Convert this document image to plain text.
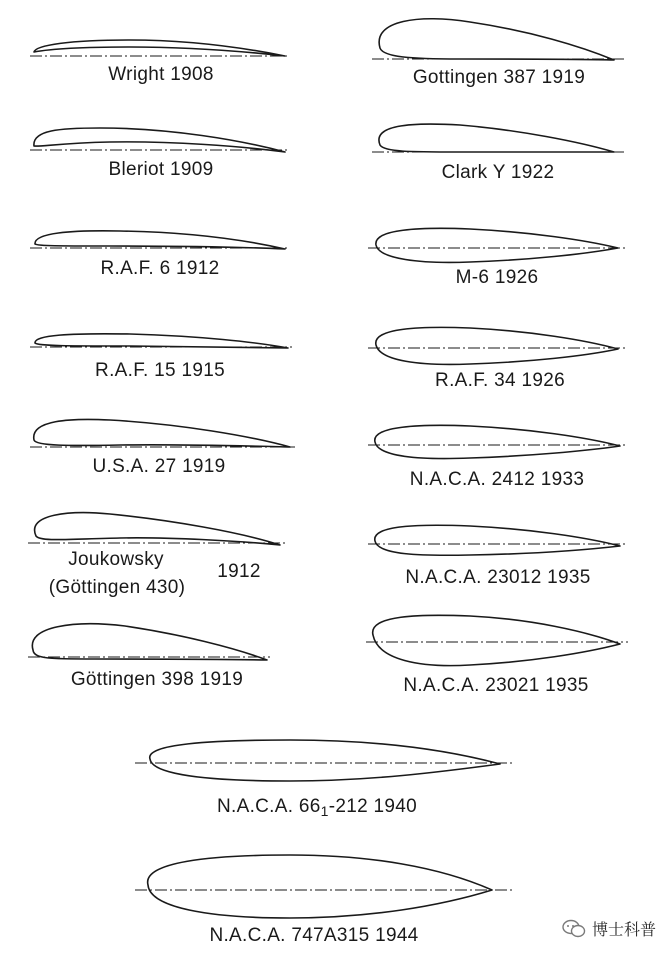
Wright 1908
Bleriot 1909
R.A.F. 6 1912
R.A.F. 15 1915
U.S.A. 27 1919
Joukowsky
(Göttingen 430)
1912
Göttingen 398 1919
Gottingen 387 1919
Clark Y 1922
M-6 1926
R.A.F. 34 1926
N.A.C.A. 2412 1933
N.A.C.A. 23012 1935
N.A.C.A. 23021 1935
N.A.C.A. $66_1-212$ 1940
N.A.C.A. 747A315 1944	博士科普
